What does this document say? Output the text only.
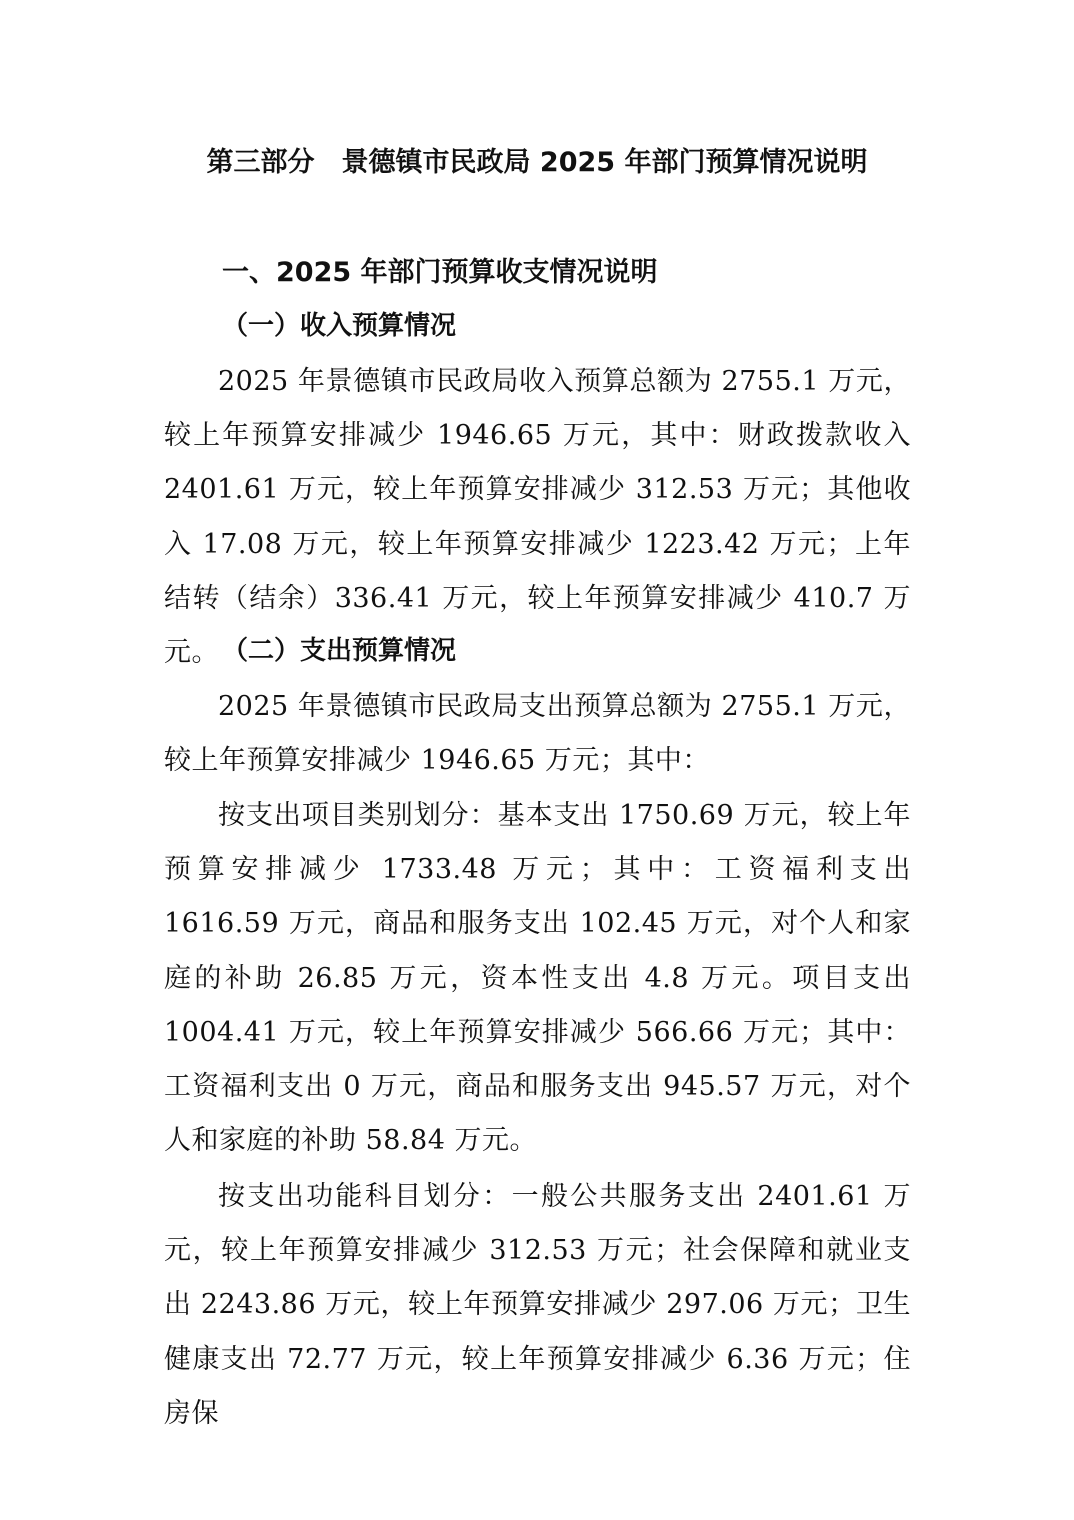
第三部分　景德镇市民政局 2025 年部门预算情况说明
一、2025 年部门预算收支情况说明
（一）收入预算情况

2025 年景德镇市民政局收入预算总额为 2755.1 万元，较上年预算安排减少 1946.65 万元，其中：财政拨款收入 2401.61 万元，较上年预算安排减少 312.53 万元；其他收入 17.08 万元，较上年预算安排减少 1223.42 万元；上年结转（结余）336.41 万元，较上年预算安排减少 410.7 万元。 （二）支出预算情况

2025 年景德镇市民政局支出预算总额为 2755.1 万元，较上年预算安排减少 1946.65 万元；其中：

按支出项目类别划分：基本支出 1750.69 万元，较上年预算安排减少 1733.48 万元；其中：工资福利支出 1616.59 万元，商品和服务支出 102.45 万元，对个人和家庭的补助 26.85 万元，资本性支出 4.8 万元。项目支出 1004.41 万元，较上年预算安排减少 566.66 万元；其中：工资福利支出 0 万元，商品和服务支出 945.57 万元，对个人和家庭的补助 58.84 万元。

按支出功能科目划分：一般公共服务支出 2401.61 万元，较上年预算安排减少 312.53 万元；社会保障和就业支出 2243.86 万元，较上年预算安排减少 297.06 万元；卫生健康支出 72.77 万元，较上年预算安排减少 6.36 万元；住房保
